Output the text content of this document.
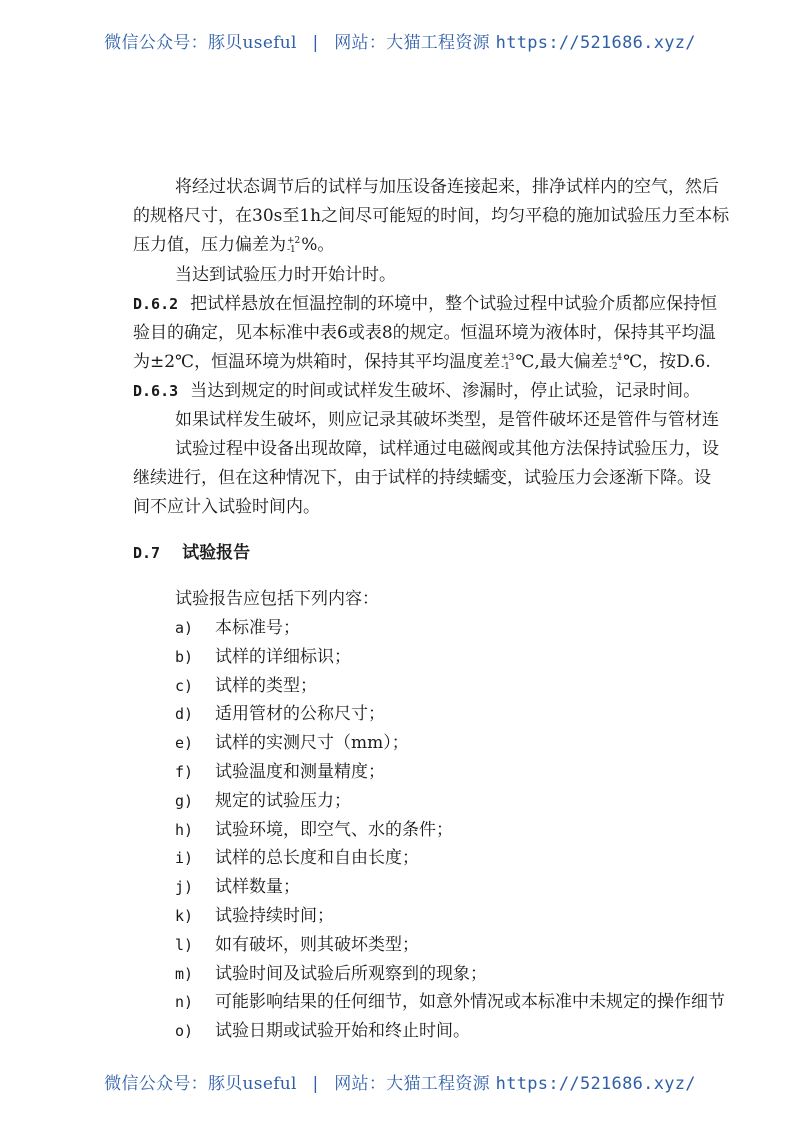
微信公众号：豚贝useful | 网站：大猫工程资源 https://521686.xyz/
将经过状态调节后的试样与加压设备连接起来，排净试样内的空气，然后
的规格尺寸，在30s至1h之间尽可能短的时间，均匀平稳的施加试验压力至本标
压力值，压力偏差为 +2
-1 %。
当达到试验压力时开始计时。
D.6.2 把试样悬放在恒温控制的环境中，整个试验过程中试验介质都应保持恒
验目的确定，见本标准中表6或表8的规定。恒温环境为液体时，保持其平均温
为±2℃，恒温环境为烘箱时，保持其平均温度差 +3
-1 ℃,最大偏差 +4
-2 ℃，按D.6.
D.6.3 当达到规定的时间或试样发生破坏、渗漏时，停止试验，记录时间。
如果试样发生破坏，则应记录其破坏类型，是管件破坏还是管件与管材连
试验过程中设备出现故障，试样通过电磁阀或其他方法保持试验压力，设
继续进行，但在这种情况下，由于试样的持续蠕变，试验压力会逐渐下降。设
间不应计入试验时间内。
D.7 试验报告
试验报告应包括下列内容：
a) 本标准号；
b) 试样的详细标识；
c) 试样的类型；
d) 适用管材的公称尺寸；
e) 试样的实测尺寸（mm）；
f) 试验温度和测量精度；
g) 规定的试验压力；
h) 试验环境，即空气、水的条件；
i) 试样的总长度和自由长度；
j) 试样数量；
k) 试验持续时间；
l) 如有破坏，则其破坏类型；
m) 试验时间及试验后所观察到的现象；
n) 可能影响结果的任何细节，如意外情况或本标准中未规定的操作细节
o) 试验日期或试验开始和终止时间。
微信公众号：豚贝useful | 网站：大猫工程资源 https://521686.xyz/
